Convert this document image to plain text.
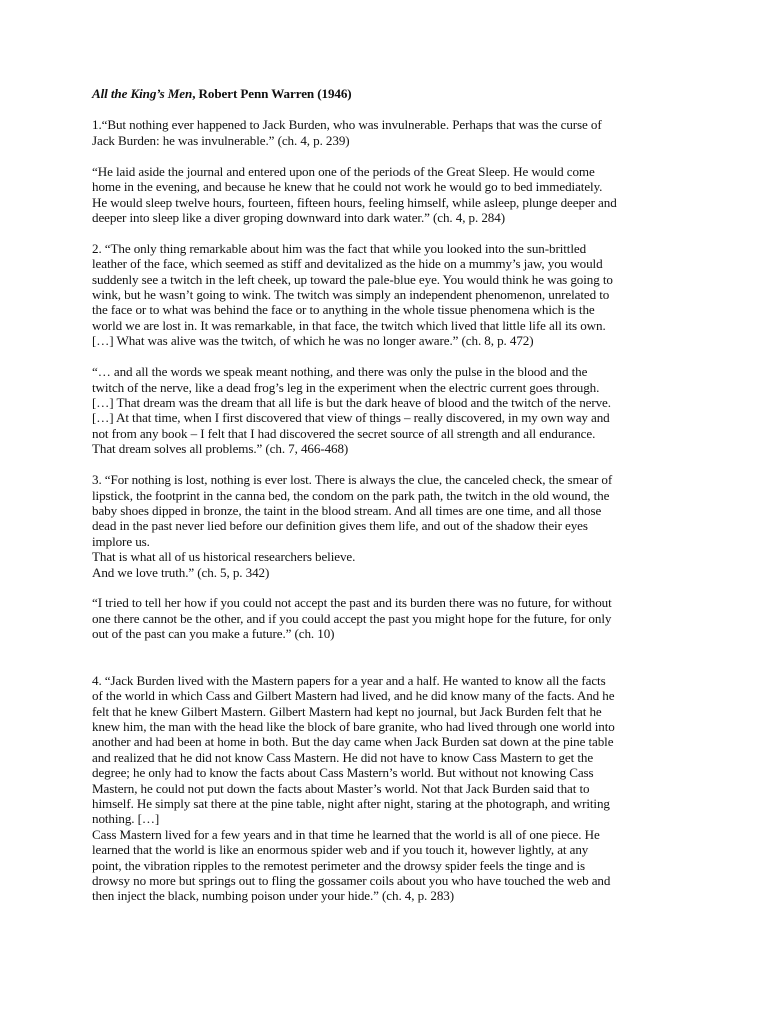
All the King’s Men, Robert Penn Warren (1946)
1.“But nothing ever happened to Jack Burden, who was invulnerable. Perhaps that was the curse of
Jack Burden: he was invulnerable.” (ch. 4, p. 239)
“He laid aside the journal and entered upon one of the periods of the Great Sleep. He would come
home in the evening, and because he knew that he could not work he would go to bed immediately.
He would sleep twelve hours, fourteen, fifteen hours, feeling himself, while asleep, plunge deeper and
deeper into sleep like a diver groping downward into dark water.” (ch. 4, p. 284)
2. “The only thing remarkable about him was the fact that while you looked into the sun-brittled
leather of the face, which seemed as stiff and devitalized as the hide on a mummy’s jaw, you would
suddenly see a twitch in the left cheek, up toward the pale-blue eye. You would think he was going to
wink, but he wasn’t going to wink. The twitch was simply an independent phenomenon, unrelated to
the face or to what was behind the face or to anything in the whole tissue phenomena which is the
world we are lost in. It was remarkable, in that face, the twitch which lived that little life all its own.
[…] What was alive was the twitch, of which he was no longer aware.” (ch. 8, p. 472)
“… and all the words we speak meant nothing, and there was only the pulse in the blood and the
twitch of the nerve, like a dead frog’s leg in the experiment when the electric current goes through.
[…] That dream was the dream that all life is but the dark heave of blood and the twitch of the nerve.
[…] At that time, when I first discovered that view of things – really discovered, in my own way and
not from any book – I felt that I had discovered the secret source of all strength and all endurance.
That dream solves all problems.” (ch. 7, 466-468)
3. “For nothing is lost, nothing is ever lost. There is always the clue, the canceled check, the smear of
lipstick, the footprint in the canna bed, the condom on the park path, the twitch in the old wound, the
baby shoes dipped in bronze, the taint in the blood stream. And all times are one time, and all those
dead in the past never lied before our definition gives them life, and out of the shadow their eyes
implore us.
That is what all of us historical researchers believe.
And we love truth.” (ch. 5, p. 342)
“I tried to tell her how if you could not accept the past and its burden there was no future, for without
one there cannot be the other, and if you could accept the past you might hope for the future, for only
out of the past can you make a future.” (ch. 10)
4. “Jack Burden lived with the Mastern papers for a year and a half. He wanted to know all the facts
of the world in which Cass and Gilbert Mastern had lived, and he did know many of the facts. And he
felt that he knew Gilbert Mastern. Gilbert Mastern had kept no journal, but Jack Burden felt that he
knew him, the man with the head like the block of bare granite, who had lived through one world into
another and had been at home in both. But the day came when Jack Burden sat down at the pine table
and realized that he did not know Cass Mastern. He did not have to know Cass Mastern to get the
degree; he only had to know the facts about Cass Mastern’s world. But without not knowing Cass
Mastern, he could not put down the facts about Master’s world. Not that Jack Burden said that to
himself. He simply sat there at the pine table, night after night, staring at the photograph, and writing
nothing. […]
Cass Mastern lived for a few years and in that time he learned that the world is all of one piece. He
learned that the world is like an enormous spider web and if you touch it, however lightly, at any
point, the vibration ripples to the remotest perimeter and the drowsy spider feels the tinge and is
drowsy no more but springs out to fling the gossamer coils about you who have touched the web and
then inject the black, numbing poison under your hide.” (ch. 4, p. 283)
